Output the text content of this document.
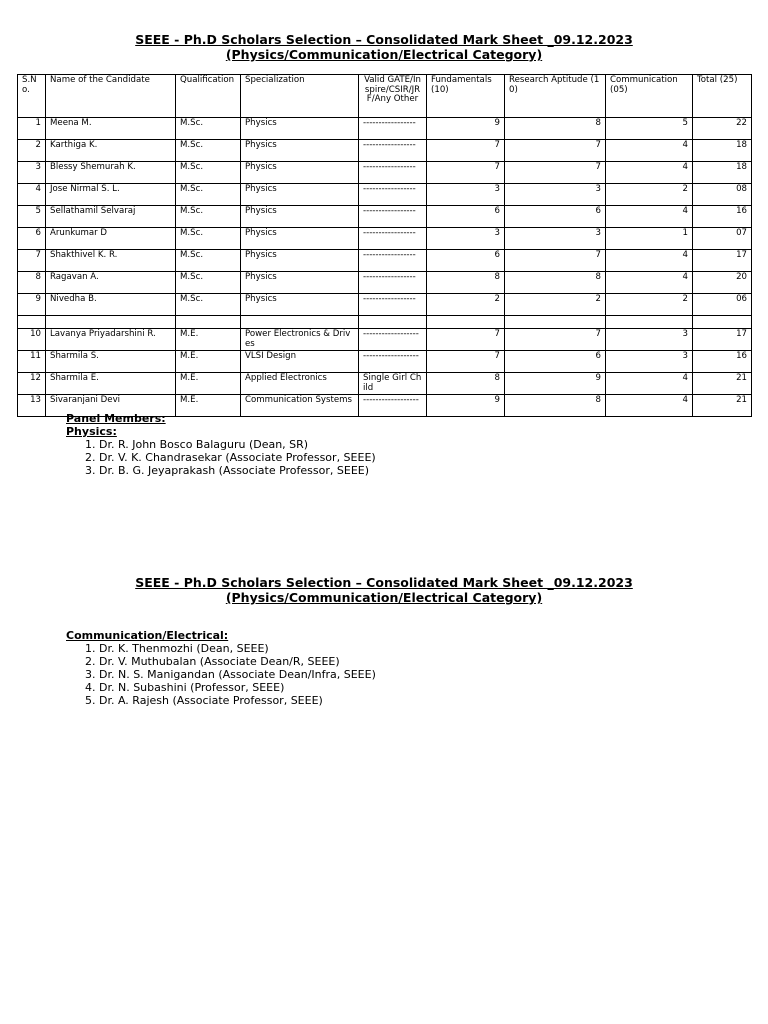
SEEE - Ph.D Scholars Selection – Consolidated Mark Sheet _09.12.2023
(Physics/Communication/Electrical Category)
S.No.	Name of the Candidate	Qualification	Specialization	Valid GATE/Inspire/CSIR/JRF/Any Other	Fundamentals (10)	Research Aptitude (10)	Communication (05)	Total (25)
1	Meena M.	M.Sc.	Physics	-----------------	9	8	5	22
2	Karthiga K.	M.Sc.	Physics	-----------------	7	7	4	18
3	Blessy Shemurah K.	M.Sc.	Physics	-----------------	7	7	4	18
4	Jose Nirmal S. L.	M.Sc.	Physics	-----------------	3	3	2	08
5	Sellathamil Selvaraj	M.Sc.	Physics	-----------------	6	6	4	16
6	Arunkumar D	M.Sc.	Physics	-----------------	3	3	1	07
7	Shakthivel K. R.	M.Sc.	Physics	-----------------	6	7	4	17
8	Ragavan A.	M.Sc.	Physics	-----------------	8	8	4	20
9	Nivedha B.	M.Sc.	Physics	-----------------	2	2	2	06

10	Lavanya Priyadarshini R.	M.E.	Power Electronics & Drives	------------------	7	7	3	17
11	Sharmila S.	M.E.	VLSI Design	------------------	7	6	3	16
12	Sharmila E.	M.E.	Applied Electronics	Single Girl Child	8	9	4	21
13	Sivaranjani Devi	M.E.	Communication Systems	------------------	9	8	4	21
Panel Members:
Physics:
1. Dr. R. John Bosco Balaguru (Dean, SR)
2. Dr. V. K. Chandrasekar (Associate Professor, SEEE)
3. Dr. B. G. Jeyaprakash (Associate Professor, SEEE)
SEEE - Ph.D Scholars Selection – Consolidated Mark Sheet _09.12.2023
(Physics/Communication/Electrical Category)
Communication/Electrical:
1. Dr. K. Thenmozhi (Dean, SEEE)
2. Dr. V. Muthubalan (Associate Dean/R, SEEE)
3. Dr. N. S. Manigandan (Associate Dean/Infra, SEEE)
4. Dr. N. Subashini (Professor, SEEE)
5. Dr. A. Rajesh (Associate Professor, SEEE)
